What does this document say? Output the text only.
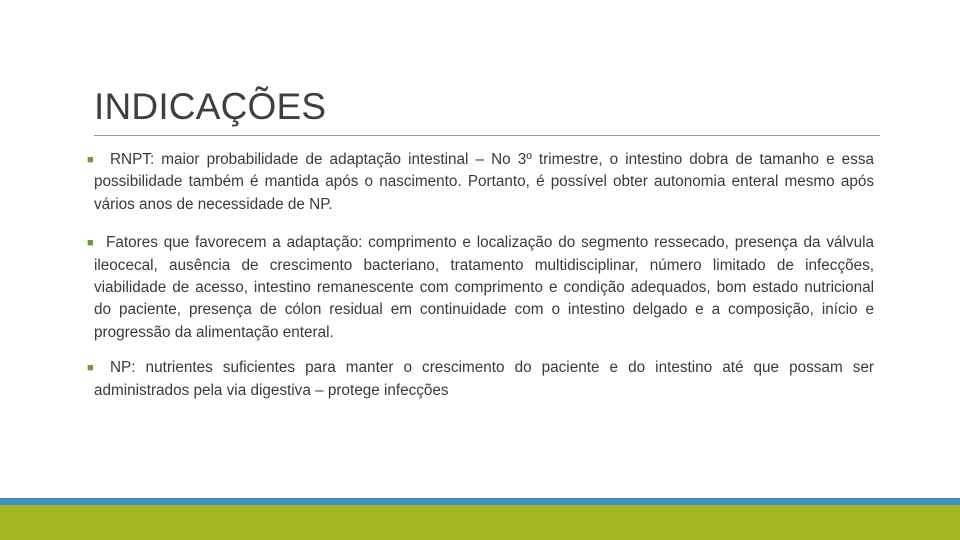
INDICAÇÕES
■	RNPT: maior probabilidade de adaptação intestinal – No 3º trimestre, o intestino dobra de tamanho e essa possibilidade também é mantida após o nascimento. Portanto, é possível obter autonomia enteral mesmo após vários anos de necessidade de NP.
■ Fatores que favorecem a adaptação: comprimento e localização do segmento ressecado, presença da válvula ileocecal, ausência de crescimento bacteriano, tratamento multidisciplinar, número limitado de infecções, viabilidade de acesso, intestino remanescente com comprimento e condição adequados, bom estado nutricional do paciente, presença de cólon residual em continuidade com o intestino delgado e a composição, início e progressão da alimentação enteral.
■	NP: nutrientes suficientes para manter o crescimento do paciente e do intestino até que possam ser administrados pela via digestiva – protege infecções
